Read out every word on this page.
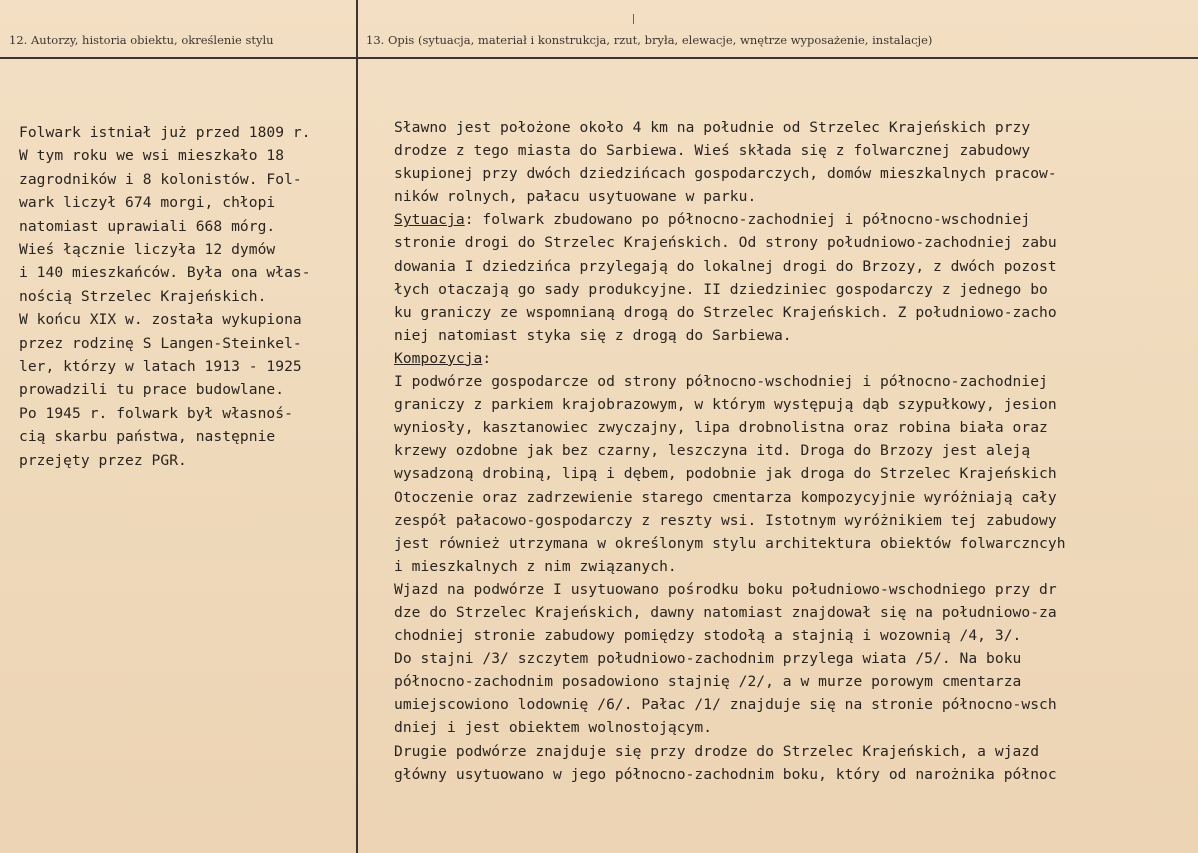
12. Autorzy, historia obiektu, określenie stylu	13. Opis (sytuacja, materiał i konstrukcja, rzut, bryła, elewacje, wnętrze wyposażenie, instalacje)
Folwark istniał już przed 1809 r.
W tym roku we wsi mieszkało 18
zagrodników i 8 kolonistów. Fol-
wark liczył 674 morgi, chłopi
natomiast uprawiali 668 mórg.
Wieś łącznie liczyła 12 dymów
i 140 mieszkańców. Była ona włas-
nością Strzelec Krajeńskich.
W końcu XIX w. została wykupiona
przez rodzinę S Langen-Steinkel-
ler, którzy w latach 1913 - 1925
prowadzili tu prace budowlane.
Po 1945 r. folwark był własnoś-
cią skarbu państwa, następnie
przejęty przez PGR.
Sławno jest położone około 4 km na południe od Strzelec Krajeńskich przy
drodze z tego miasta do Sarbiewa. Wieś składa się z folwarcznej zabudowy
skupionej przy dwóch dziedzińcach gospodarczych, domów mieszkalnych pracow-
ników rolnych, pałacu usytuowane w parku.
Sytuacja: folwark zbudowano po północno-zachodniej i północno-wschodniej
stronie drogi do Strzelec Krajeńskich. Od strony południowo-zachodniej zabu
dowania I dziedzińca przylegają do lokalnej drogi do Brzozy, z dwóch pozost
łych otaczają go sady produkcyjne. II dziedziniec gospodarczy z jednego bo
ku graniczy ze wspomnianą drogą do Strzelec Krajeńskich. Z południowo-zacho
niej natomiast styka się z drogą do Sarbiewa.
Kompozycja:
I podwórze gospodarcze od strony północno-wschodniej i północno-zachodniej
graniczy z parkiem krajobrazowym, w którym występują dąb szypułkowy, jesion
wyniosły, kasztanowiec zwyczajny, lipa drobnolistna oraz robina biała oraz
krzewy ozdobne jak bez czarny, leszczyna itd. Droga do Brzozy jest aleją
wysadzoną drobiną, lipą i dębem, podobnie jak droga do Strzelec Krajeńskich
Otoczenie oraz zadrzewienie starego cmentarza kompozycyjnie wyróżniają cały
zespół pałacowo-gospodarczy z reszty wsi. Istotnym wyróżnikiem tej zabudowy
jest również utrzymana w określonym stylu architektura obiektów folwarczncyh
i mieszkalnych z nim związanych.
Wjazd na podwórze I usytuowano pośrodku boku południowo-wschodniego przy dr
dze do Strzelec Krajeńskich, dawny natomiast znajdował się na południowo-za
chodniej stronie zabudowy pomiędzy stodołą a stajnią i wozownią /4, 3/.
Do stajni /3/ szczytem południowo-zachodnim przylega wiata /5/. Na boku
północno-zachodnim posadowiono stajnię /2/, a w murze porowym cmentarza
umiejscowiono lodownię /6/. Pałac /1/ znajduje się na stronie północno-wsch
dniej i jest obiektem wolnostojącym.
Drugie podwórze znajduje się przy drodze do Strzelec Krajeńskich, a wjazd
główny usytuowano w jego północno-zachodnim boku, który od narożnika północ
